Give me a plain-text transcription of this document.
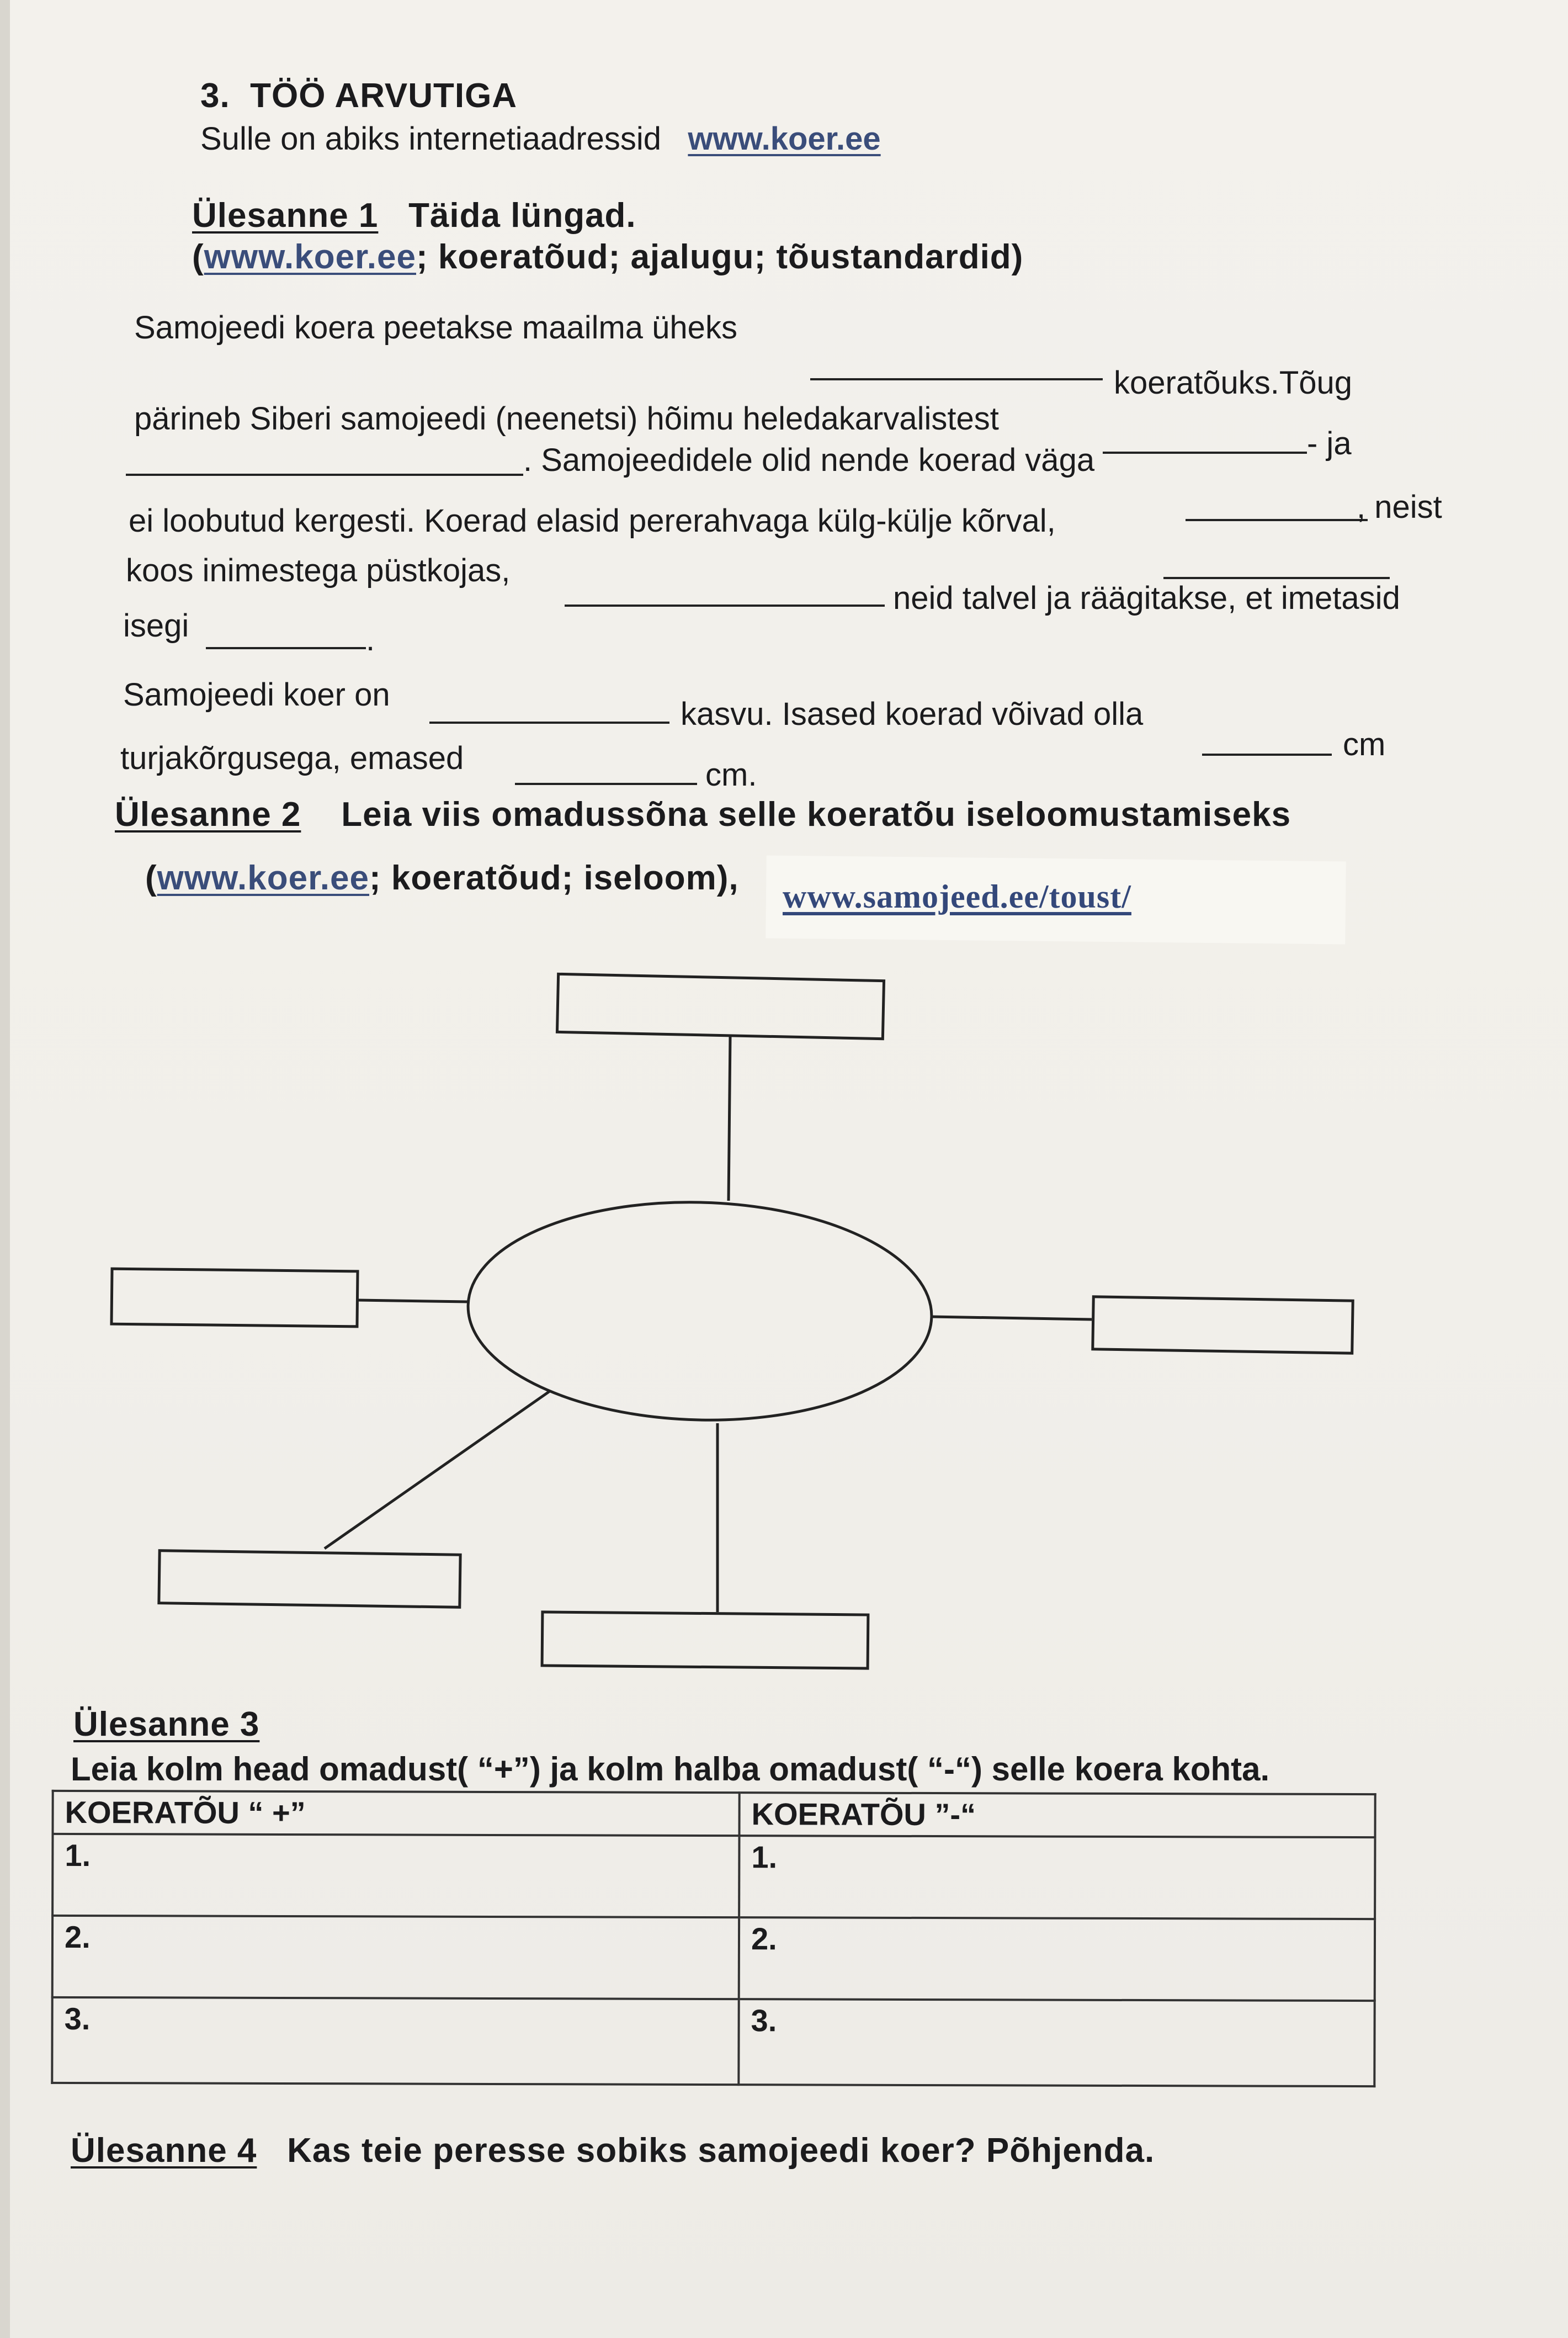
3. TÖÖ ARVUTIGA
Sulle on abiks internetiaadressid www.koer.ee
Ülesanne 1 Täida lüngad.
(www.koer.ee; koeratõud; ajalugu; tõustandardid)
Samojeedi koera peetakse maailma üheks
koeratõuks.Tõug
pärineb Siberi samojeedi (neenetsi) hõimu heledakarvalistest
- ja
. Samojeedidele olid nende koerad väga
, neist
ei loobutud kergesti. Koerad elasid pererahvaga külg-külje kõrval,
koos inimestega püstkojas,
neid talvel ja räägitakse, et imetasid
isegi	.
Samojeedi koer on
kasvu. Isased koerad võivad olla
cm
turjakõrgusega, emased	cm.
Ülesanne 2 Leia viis omadussõna selle koeratõu iseloomustamiseks
(www.koer.ee; koeratõud; iseloom), www.samojeed.ee/toust/
Ülesanne 3
Leia kolm head omadust( “+”) ja kolm halba omadust( “-“) selle koera kohta.
KOERATÕU “ +”	KOERATÕU ”-“
1.	1.
2.	2.
3.	3.
Ülesanne 4 Kas teie peresse sobiks samojeedi koer? Põhjenda.
